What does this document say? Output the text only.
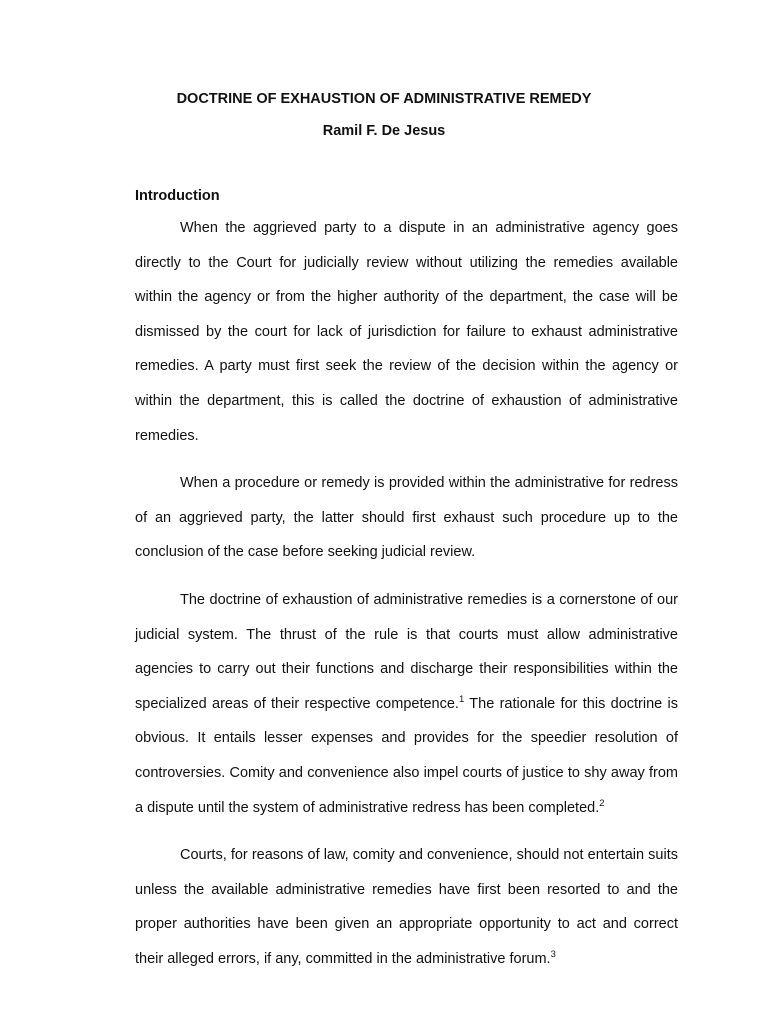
DOCTRINE OF EXHAUSTION OF ADMINISTRATIVE REMEDY
Ramil F. De Jesus
Introduction

When the aggrieved party to a dispute in an administrative agency goes directly to the Court for judicially review without utilizing the remedies available within the agency or from the higher authority of the department, the case will be dismissed by the court for lack of jurisdiction for failure to exhaust administrative remedies. A party must first seek the review of the decision within the agency or within the department, this is called the doctrine of exhaustion of administrative remedies.

When a procedure or remedy is provided within the administrative for redress of an aggrieved party, the latter should first exhaust such procedure up to the conclusion of the case before seeking judicial review.

The doctrine of exhaustion of administrative remedies is a cornerstone of our judicial system. The thrust of the rule is that courts must allow administrative agencies to carry out their functions and discharge their responsibilities within the specialized areas of their respective competence.$^1$ The rationale for this doctrine is obvious. It entails lesser expenses and provides for the speedier resolution of controversies. Comity and convenience also impel courts of justice to shy away from a dispute until the system of administrative redress has been completed.$^2$

Courts, for reasons of law, comity and convenience, should not entertain suits unless the available administrative remedies have first been resorted to and the proper authorities have been given an appropriate opportunity to act and correct their alleged errors, if any, committed in the administrative forum.$^3$
